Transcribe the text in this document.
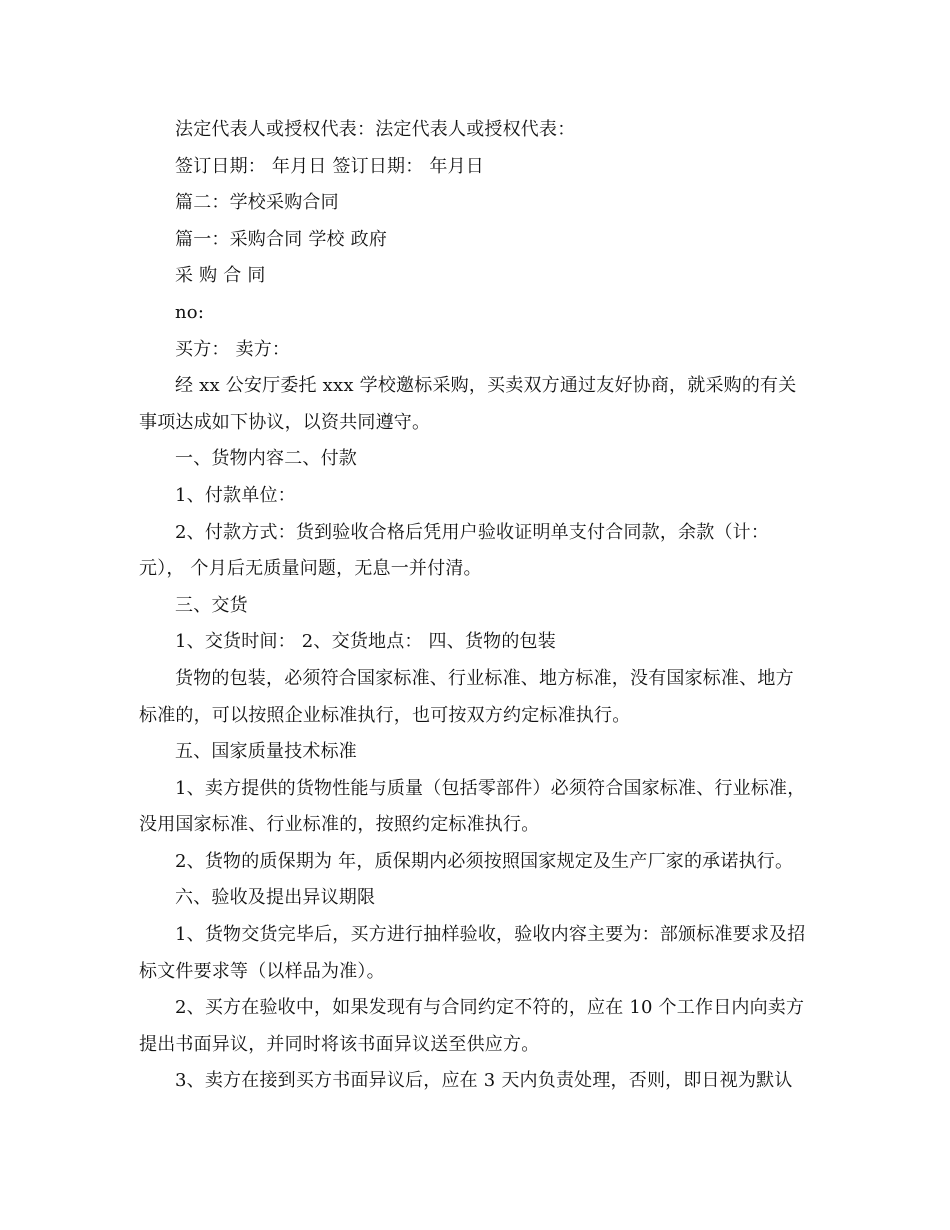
法定代表人或授权代表：法定代表人或授权代表：

签订日期： 年月日 签订日期： 年月日

篇二：学校采购合同

篇一：采购合同 学校 政府

采 购 合 同

no:

买方： 卖方：

经 xx 公安厅委托 xxx 学校邀标采购，买卖双方通过友好协商，就采购的有关事项达成如下协议，以资共同遵守。

一、货物内容二、付款

1、付款单位：

2、付款方式：货到验收合格后凭用户验收证明单支付合同款，余款（计：元）， 个月后无质量问题，无息一并付清。

三、交货

1、交货时间： 2、交货地点： 四、货物的包装

货物的包装，必须符合国家标准、行业标准、地方标准，没有国家标准、地方标准的，可以按照企业标准执行，也可按双方约定标准执行。

五、国家质量技术标准

1、卖方提供的货物性能与质量（包括零部件）必须符合国家标准、行业标准，没用国家标准、行业标准的，按照约定标准执行。

2、货物的质保期为 年，质保期内必须按照国家规定及生产厂家的承诺执行。

六、验收及提出异议期限

1、货物交货完毕后，买方进行抽样验收，验收内容主要为：部颁标准要求及招标文件要求等（以样品为准）。

2、买方在验收中，如果发现有与合同约定不符的，应在 10 个工作日内向卖方提出书面异议，并同时将该书面异议送至供应方。

3、卖方在接到买方书面异议后，应在 3 天内负责处理，否则，即日视为默认
